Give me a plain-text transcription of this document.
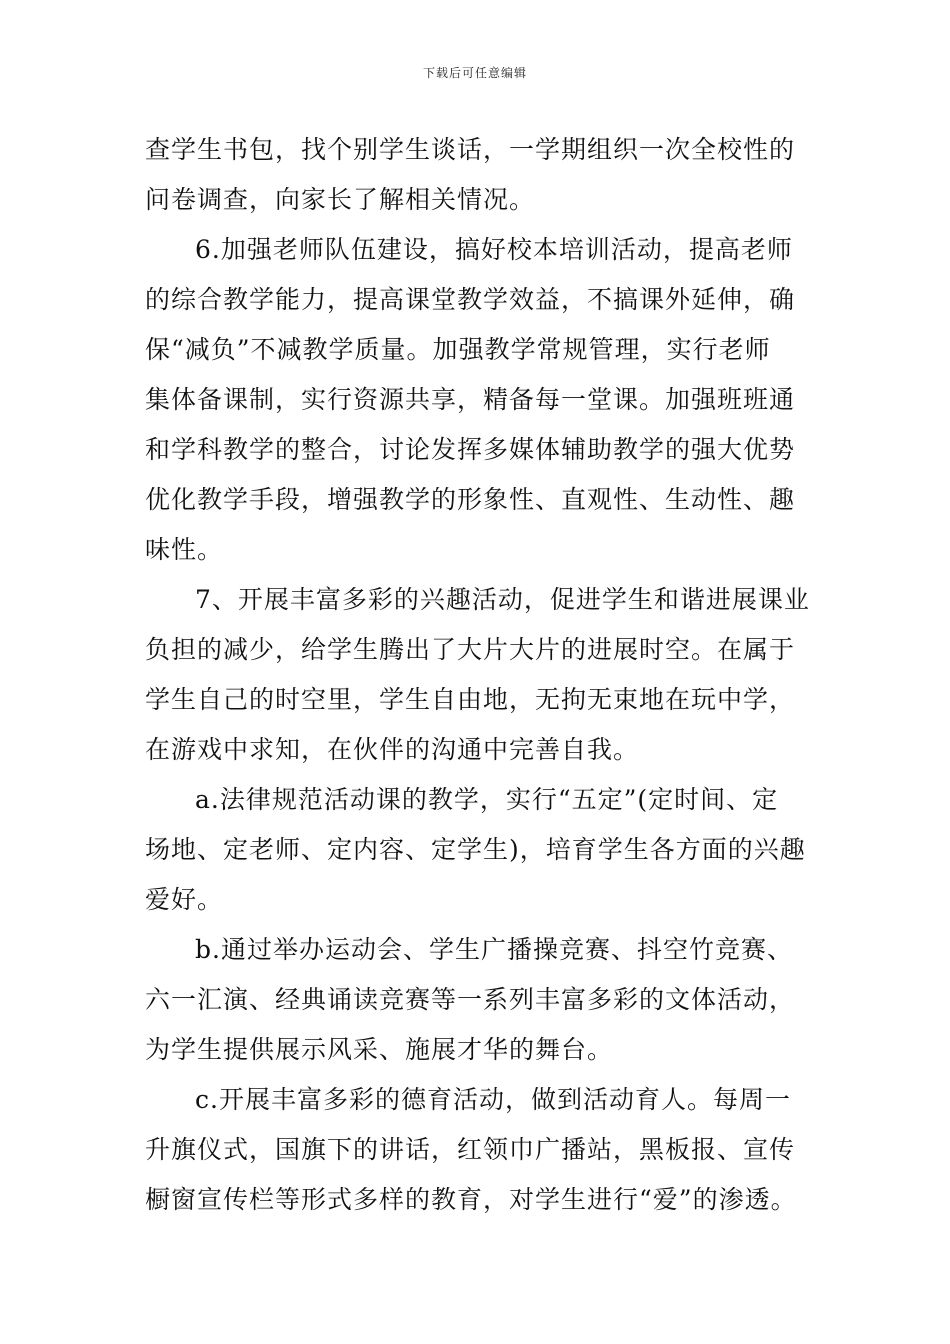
下载后可任意编辑
查学生书包，找个别学生谈话，一学期组织一次全校性的
问卷调查，向家长了解相关情况。
6.加强老师队伍建设，搞好校本培训活动，提高老师
的综合教学能力，提高课堂教学效益，不搞课外延伸，确
保“减负”不减教学质量。加强教学常规管理，实行老师
集体备课制，实行资源共享，精备每一堂课。加强班班通
和学科教学的整合，讨论发挥多媒体辅助教学的强大优势
优化教学手段，增强教学的形象性、直观性、生动性、趣
味性。
7、开展丰富多彩的兴趣活动，促进学生和谐进展课业
负担的减少，给学生腾出了大片大片的进展时空。在属于
学生自己的时空里，学生自由地，无拘无束地在玩中学，
在游戏中求知，在伙伴的沟通中完善自我。
a.法律规范活动课的教学，实行“五定”(定时间、定
场地、定老师、定内容、定学生)，培育学生各方面的兴趣
爱好。
b.通过举办运动会、学生广播操竞赛、抖空竹竞赛、
六一汇演、经典诵读竞赛等一系列丰富多彩的文体活动，
为学生提供展示风采、施展才华的舞台。
c.开展丰富多彩的德育活动，做到活动育人。每周一
升旗仪式，国旗下的讲话，红领巾广播站，黑板报、宣传
橱窗宣传栏等形式多样的教育，对学生进行“爱”的渗透。
